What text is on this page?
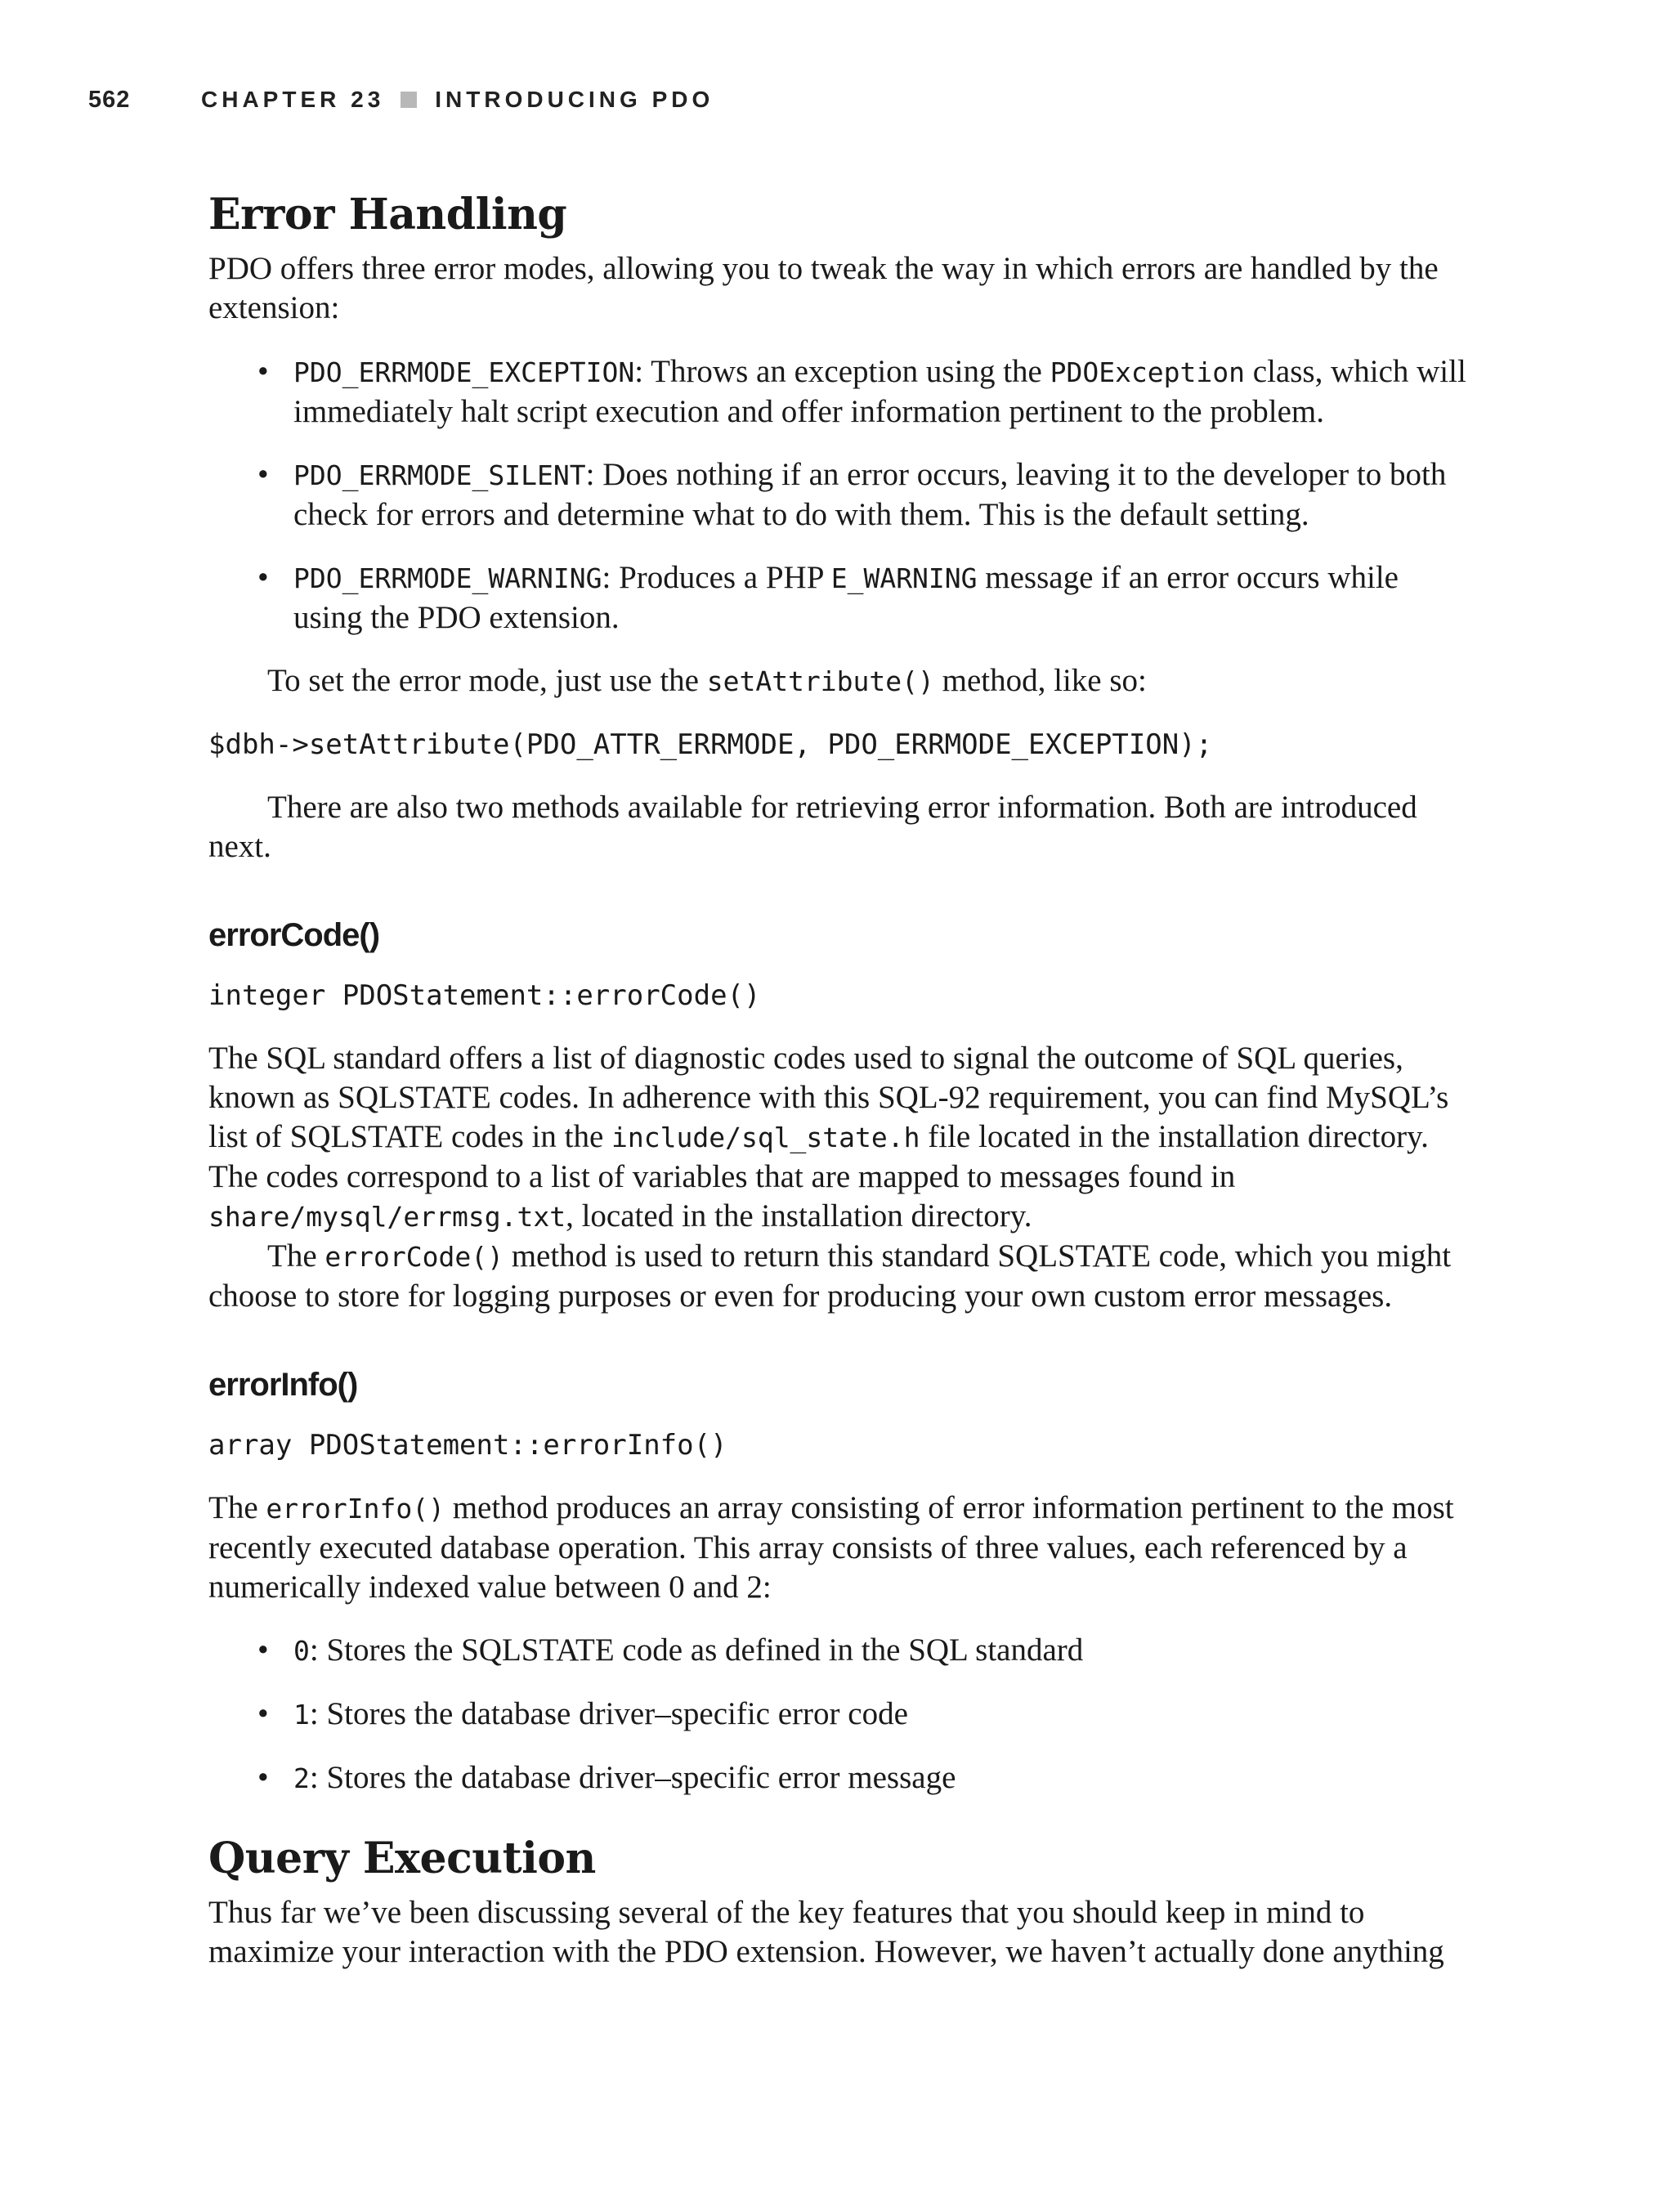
562	CHAPTER 23 INTRODUCING PDO
Error Handling

PDO offers three error modes, allowing you to tweak the way in which errors are handled by the extension:

• PDO_ERRMODE_EXCEPTION: Throws an exception using the PDOException class, which will immediately halt script execution and offer information pertinent to the problem.
• PDO_ERRMODE_SILENT: Does nothing if an error occurs, leaving it to the developer to both check for errors and determine what to do with them. This is the default setting.
• PDO_ERRMODE_WARNING: Produces a PHP E_WARNING message if an error occurs while using the PDO extension.

To set the error mode, just use the setAttribute() method, like so:

$dbh->setAttribute(PDO_ATTR_ERRMODE, PDO_ERRMODE_EXCEPTION);

There are also two methods available for retrieving error information. Both are introduced next.

errorCode()
integer PDOStatement::errorCode()

The SQL standard offers a list of diagnostic codes used to signal the outcome of SQL queries, known as SQLSTATE codes. In adherence with this SQL-92 requirement, you can find MySQL’s list of SQLSTATE codes in the include/sql_state.h file located in the installation directory. The codes correspond to a list of variables that are mapped to messages found in share/mysql/errmsg.txt, located in the installation directory.

The errorCode() method is used to return this standard SQLSTATE code, which you might choose to store for logging purposes or even for producing your own custom error messages.

errorInfo()
array PDOStatement::errorInfo()

The errorInfo() method produces an array consisting of error information pertinent to the most recently executed database operation. This array consists of three values, each referenced by a numerically indexed value between 0 and 2:

• 0: Stores the SQLSTATE code as defined in the SQL standard
• 1: Stores the database driver–specific error code
• 2: Stores the database driver–specific error message
Query Execution

Thus far we’ve been discussing several of the key features that you should keep in mind to maximize your interaction with the PDO extension. However, we haven’t actually done anything
